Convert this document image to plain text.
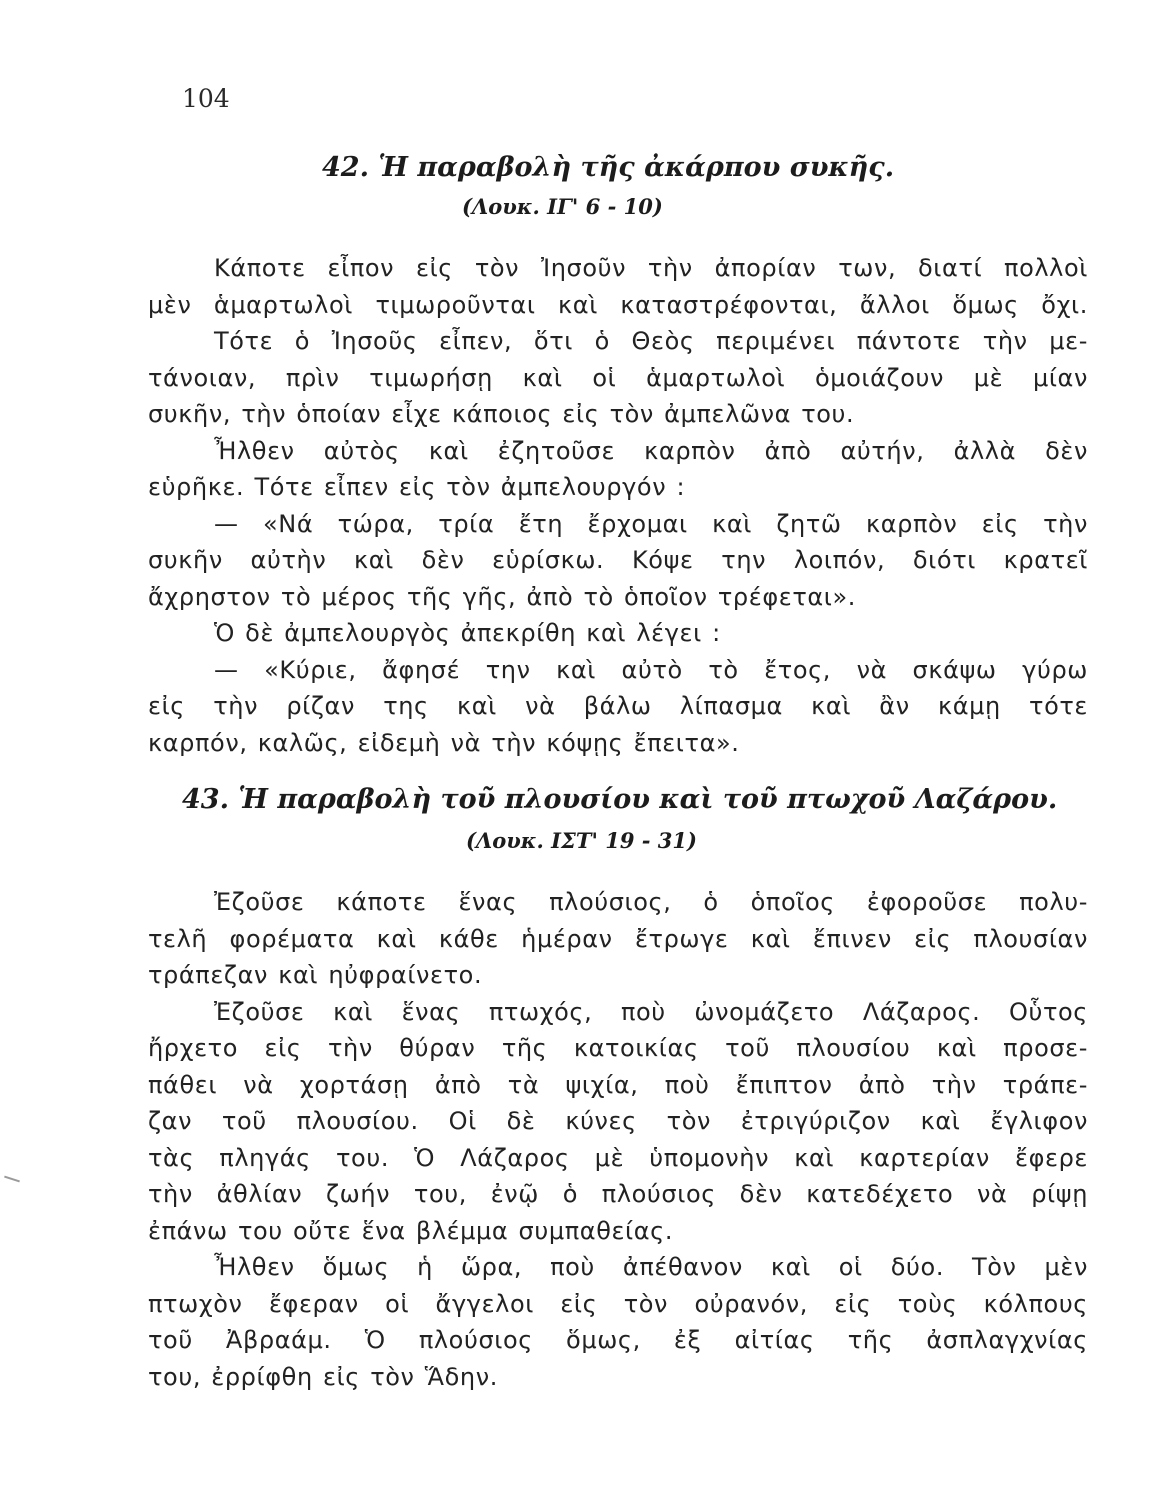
104
42. Ἡ παραβολὴ τῆς ἀκάρπου συκῆς.
(Λουκ. ΙΓ' 6 - 10)
Κάποτε εἶπον εἰς τὸν Ἰησοῦν τὴν ἀπορίαν των, διατί πολλοὶ
μὲν ἁμαρτωλοὶ τιμωροῦνται καὶ καταστρέφονται, ἄλλοι ὅμως ὄχι.
Τότε ὁ Ἰησοῦς εἶπεν, ὅτι ὁ Θεὸς περιμένει πάντοτε τὴν με-
τάνοιαν, πρὶν τιμωρήσῃ καὶ οἱ ἁμαρτωλοὶ ὁμοιάζουν μὲ μίαν
συκῆν, τὴν ὁποίαν εἶχε κάποιος εἰς τὸν ἀμπελῶνα του.
Ἦλθεν αὐτὸς καὶ ἐζητοῦσε καρπὸν ἀπὸ αὐτήν, ἀλλὰ δὲν
εὑρῆκε. Τότε εἶπεν εἰς τὸν ἀμπελουργόν :
— «Νά τώρα, τρία ἔτη ἔρχομαι καὶ ζητῶ καρπὸν εἰς τὴν
συκῆν αὐτὴν καὶ δὲν εὑρίσκω. Κόψε την λοιπόν, διότι κρατεῖ
ἄχρηστον τὸ μέρος τῆς γῆς, ἀπὸ τὸ ὁποῖον τρέφεται».
Ὁ δὲ ἀμπελουργὸς ἀπεκρίθη καὶ λέγει :
— «Κύριε, ἄφησέ την καὶ αὐτὸ τὸ ἔτος, νὰ σκάψω γύρω
εἰς τὴν ρίζαν της καὶ νὰ βάλω λίπασμα καὶ ἂν κάμῃ τότε
καρπόν, καλῶς, εἰδεμὴ νὰ τὴν κόψῃς ἔπειτα».
43. Ἡ παραβολὴ τοῦ πλουσίου καὶ τοῦ πτωχοῦ Λαζάρου.
(Λουκ. ΙΣΤ' 19 - 31)
Ἐζοῦσε κάποτε ἕνας πλούσιος, ὁ ὁποῖος ἐφοροῦσε πολυ-
τελῆ φορέματα καὶ κάθε ἡμέραν ἔτρωγε καὶ ἔπινεν εἰς πλουσίαν
τράπεζαν καὶ ηὐφραίνετο.
Ἐζοῦσε καὶ ἕνας πτωχός, ποὺ ὠνομάζετο Λάζαρος. Οὗτος
ἤρχετο εἰς τὴν θύραν τῆς κατοικίας τοῦ πλουσίου καὶ προσε-
πάθει νὰ χορτάσῃ ἀπὸ τὰ ψιχία, ποὺ ἔπιπτον ἀπὸ τὴν τράπε-
ζαν τοῦ πλουσίου. Οἱ δὲ κύνες τὸν ἐτριγύριζον καὶ ἔγλιφον
τὰς πληγάς του. Ὁ Λάζαρος μὲ ὑπομονὴν καὶ καρτερίαν ἔφερε
τὴν ἀθλίαν ζωήν του, ἐνῷ ὁ πλούσιος δὲν κατεδέχετο νὰ ρίψῃ
ἐπάνω του οὔτε ἕνα βλέμμα συμπαθείας.
Ἦλθεν ὅμως ἡ ὥρα, ποὺ ἀπέθανον καὶ οἱ δύο. Τὸν μὲν
πτωχὸν ἔφεραν οἱ ἄγγελοι εἰς τὸν οὐρανόν, εἰς τοὺς κόλπους
τοῦ Ἀβραάμ. Ὁ πλούσιος ὅμως, ἐξ αἰτίας τῆς ἀσπλαγχνίας
του, ἐρρίφθη εἰς τὸν Ἅδην.
